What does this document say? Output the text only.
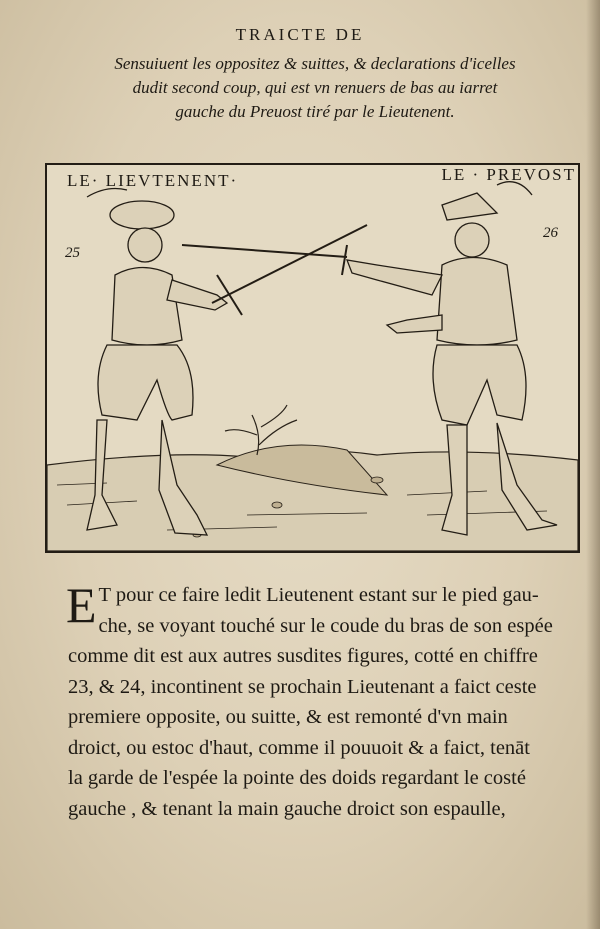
TRAICTE DE
Sensuiuent les oppositez & suittes, & declarations d'icelles
dudit second coup, qui est vn renuers de bas au iarret
gauche du Preuost tiré par le Lieutenent.
LE· LIEVTENENT·	LE · PREVOST
25
26
E T pour ce faire ledit Lieutenent estant sur le pied gau-
che, se voyant touché sur le coude du bras de son espée
comme dit est aux autres susdites figures, cotté en chiffre
23, & 24, incontinent se prochain Lieutenant a faict ceste
premiere opposite, ou suitte, & est remonté d'vn main
droict, ou estoc d'haut, comme il pouuoit & a faict, tenāt
la garde de l'espée la pointe des doids regardant le costé
gauche , & tenant la main gauche droict son espaulle,
